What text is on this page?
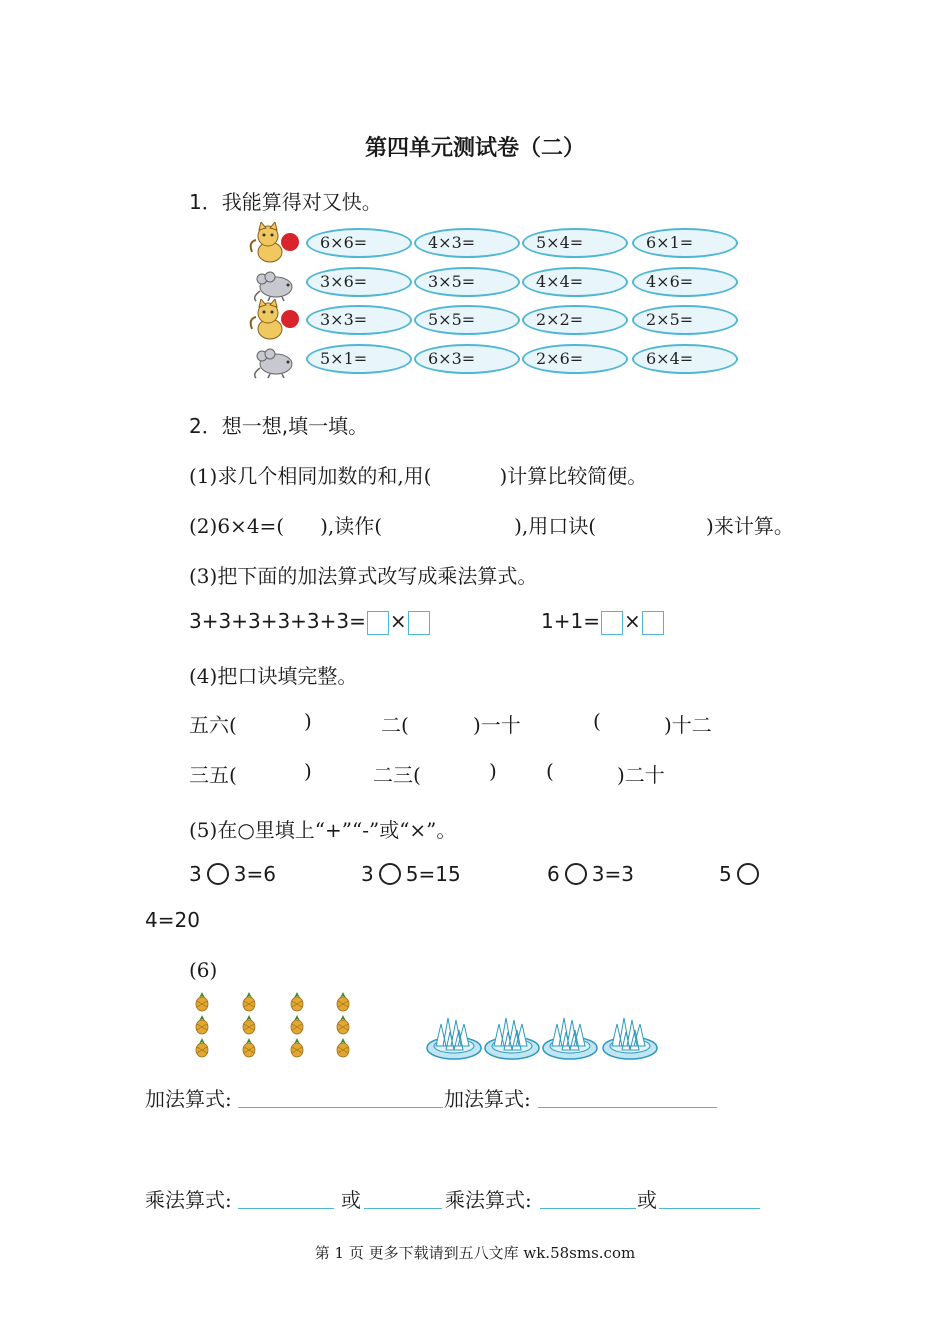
第四单元测试卷（二）
1．我能算得对又快。
6×6=	4×3=	5×4=	6×1=
3×6=	3×5=	4×4=	4×6=
3×3=	5×5=	2×2=	2×5=
5×1=	6×3=	2×6=	6×4=
2．想一想,填一填。
(1)求几个相同加数的和,用(	)计算比较简便。
(2)6×4=( ),读作(	),用口诀(	)来计算。
(3)把下面的加法算式改写成乘法算式。
3+3+3+3+3+3= ×	1+1= ×
(4)把口诀填完整。
五六(	)	二(	)一十	(	)十二
三五(	)	二三(	) (	)二十
(5)在○里填上“+”“-”或“×”。
3 3=6	3 5=15	6 3=3	5
4=20
(6)
加法算式:	加法算式:
乘法算式:	或	乘法算式:	或
第 1 页 更多下载请到五八文库 wk.58sms.com
